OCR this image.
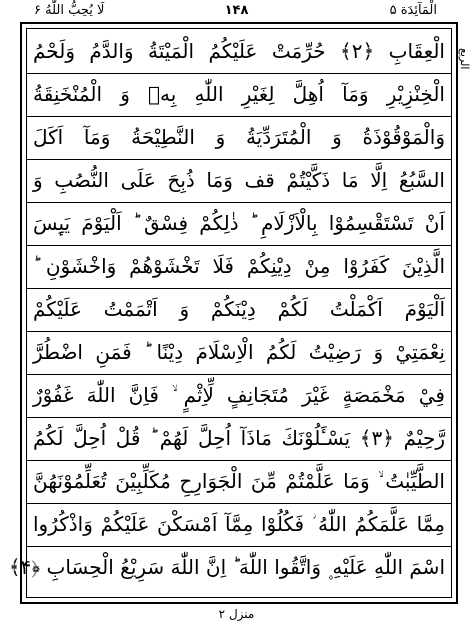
لَا يُحِبُّ اللّٰهُ ۶	۱۴۸	الْمَآئِدَة ۵
الربع
الْعِقَابِ ﴿۲﴾ حُرِّمَتْ عَلَيْكُمُ الْمَيْتَةُ وَالدَّمُ وَلَحْمُ
الْخِنْزِيْرِ وَمَآ اُهِلَّ لِغَيْرِ اللّٰهِ بِهٖ وَ الْمُنْخَنِقَةُ
وَالْمَوْقُوْذَةُ وَ الْمُتَرَدِّيَةُ وَ النَّطِيْحَةُ وَمَآ اَكَلَ
السَّبُعُ اِلَّا مَا ذَكَّيْتُمْ قف وَمَا ذُبِحَ عَلَى النُّصُبِ وَ
اَنْ تَسْتَقْسِمُوْا بِالْاَزْلَامِ ؕ ذٰلِكُمْ فِسْقٌ ؕ اَلْيَوْمَ يَىِٕسَ
الَّذِيْنَ كَفَرُوْا مِنْ دِيْنِكُمْ فَلَا تَخْشَوْهُمْ وَاخْشَوْنِ ؕ
اَلْيَوْمَ اَكْمَلْتُ لَكُمْ دِيْنَكُمْ وَ اَتْمَمْتُ عَلَيْكُمْ
نِعْمَتِيْ وَ رَضِيْتُ لَكُمُ الْاِسْلَامَ دِيْنًا ؕ فَمَنِ اضْطُرَّ
فِيْ مَخْمَصَةٍ غَيْرَ مُتَجَانِفٍ لِّاِثْمٍ ۙ فَاِنَّ اللّٰهَ غَفُوْرٌ
رَّحِيْمٌ ﴿۳﴾ يَسْـَٔلُوْنَكَ مَاذَآ اُحِلَّ لَهُمْ ؕ قُلْ اُحِلَّ لَكُمُ
الطَّيِّبٰتُ ۙ وَمَا عَلَّمْتُمْ مِّنَ الْجَوَارِحِ مُكَلِّبِيْنَ تُعَلِّمُوْنَهُنَّ
مِمَّا عَلَّمَكُمُ اللّٰهُ ؗ فَكُلُوْا مِمَّآ اَمْسَكْنَ عَلَيْكُمْ وَاذْكُرُوا
اسْمَ اللّٰهِ عَلَيْهِ ۪ وَاتَّقُوا اللّٰهَ ؕ اِنَّ اللّٰهَ سَرِيْعُ الْحِسَابِ ﴿۴﴾
منزل ۲
